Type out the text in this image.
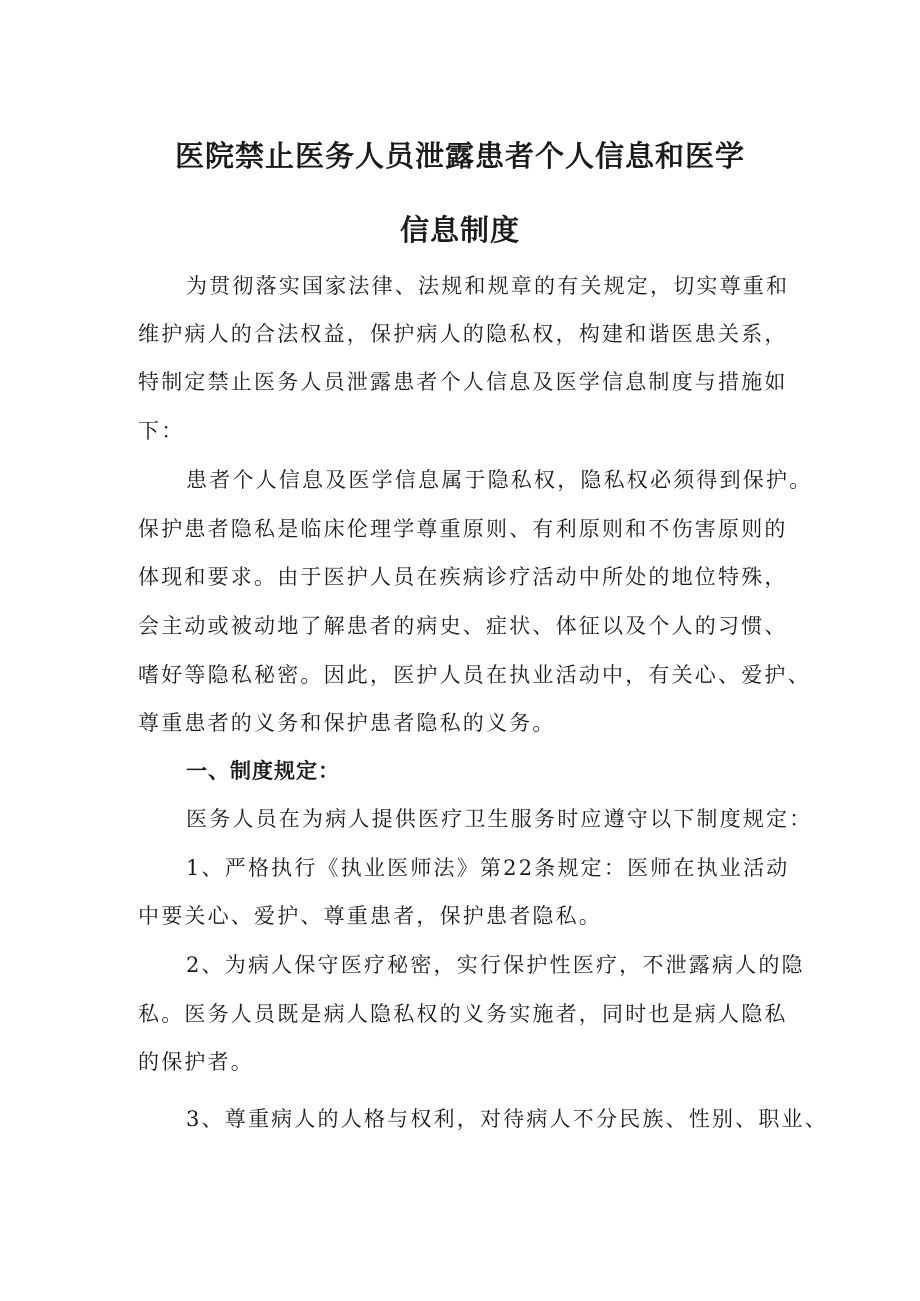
医院禁止医务人员泄露患者个人信息和医学
信息制度

为贯彻落实国家法律、法规和规章的有关规定，切实尊重和

维护病人的合法权益，保护病人的隐私权，构建和谐医患关系，

特制定禁止医务人员泄露患者个人信息及医学信息制度与措施如

下：

患者个人信息及医学信息属于隐私权，隐私权必须得到保护。

保护患者隐私是临床伦理学尊重原则、有利原则和不伤害原则的

体现和要求。由于医护人员在疾病诊疗活动中所处的地位特殊，

会主动或被动地了解患者的病史、症状、体征以及个人的习惯、

嗜好等隐私秘密。因此，医护人员在执业活动中，有关心、爱护、

尊重患者的义务和保护患者隐私的义务。

一、制度规定：

医务人员在为病人提供医疗卫生服务时应遵守以下制度规定：

1、严格执行《执业医师法》第22条规定：医师在执业活动

中要关心、爱护、尊重患者，保护患者隐私。

2、为病人保守医疗秘密，实行保护性医疗，不泄露病人的隐

私。医务人员既是病人隐私权的义务实施者，同时也是病人隐私

的保护者。

3、尊重病人的人格与权利，对待病人不分民族、性别、职业、
